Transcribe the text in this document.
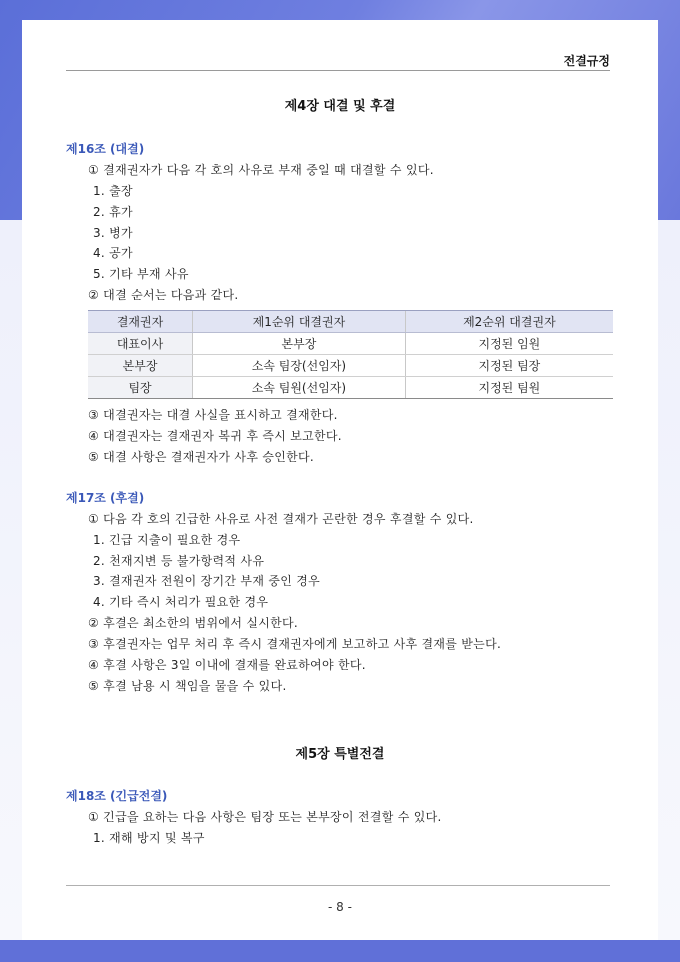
전결규정
제4장 대결 및 후결
제16조 (대결)
① 결재권자가 다음 각 호의 사유로 부재 중일 때 대결할 수 있다.
1. 출장
2. 휴가
3. 병가
4. 공가
5. 기타 부재 사유
② 대결 순서는 다음과 같다.
결재권자	제1순위 대결권자	제2순위 대결권자
대표이사	본부장	지정된 임원
본부장	소속 팀장(선임자)	지정된 팀장
팀장	소속 팀원(선임자)	지정된 팀원
③ 대결권자는 대결 사실을 표시하고 결재한다.
④ 대결권자는 결재권자 복귀 후 즉시 보고한다.
⑤ 대결 사항은 결재권자가 사후 승인한다.
제17조 (후결)
① 다음 각 호의 긴급한 사유로 사전 결재가 곤란한 경우 후결할 수 있다.
1. 긴급 지출이 필요한 경우
2. 천재지변 등 불가항력적 사유
3. 결재권자 전원이 장기간 부재 중인 경우
4. 기타 즉시 처리가 필요한 경우
② 후결은 최소한의 범위에서 실시한다.
③ 후결권자는 업무 처리 후 즉시 결재권자에게 보고하고 사후 결재를 받는다.
④ 후결 사항은 3일 이내에 결재를 완료하여야 한다.
⑤ 후결 남용 시 책임을 물을 수 있다.
제5장 특별전결
제18조 (긴급전결)
① 긴급을 요하는 다음 사항은 팀장 또는 본부장이 전결할 수 있다.
1. 재해 방지 및 복구
- 8 -
